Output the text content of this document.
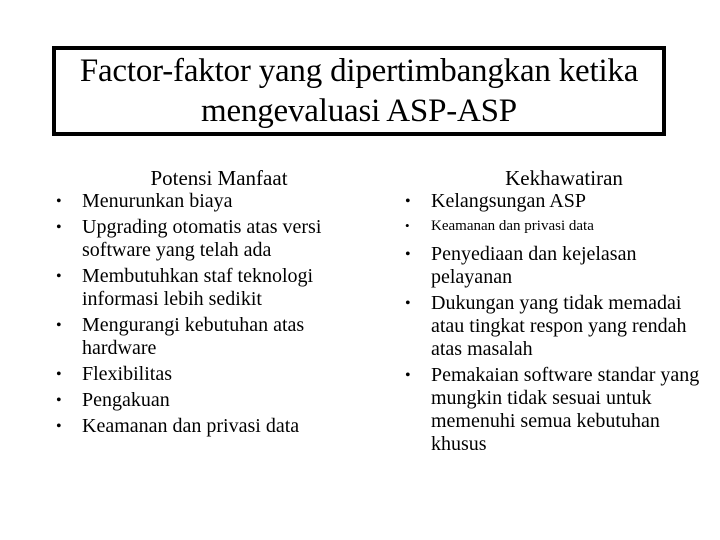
Factor-faktor yang dipertimbangkan ketika
mengevaluasi ASP-ASP
Potensi Manfaat
•	Menurunkan biaya
•	Upgrading otomatis atas versi software yang telah ada
•	Membutuhkan staf teknologi informasi lebih sedikit
•	Mengurangi kebutuhan atas hardware
•	Flexibilitas
•	Pengakuan
•	Keamanan dan privasi data
Kekhawatiran
•	Kelangsungan ASP
•	Keamanan dan privasi data
•	Penyediaan dan kejelasan pelayanan
•	Dukungan yang tidak memadai atau tingkat respon yang rendah atas masalah
•	Pemakaian software standar yang mungkin tidak sesuai untuk memenuhi semua kebutuhan khusus
